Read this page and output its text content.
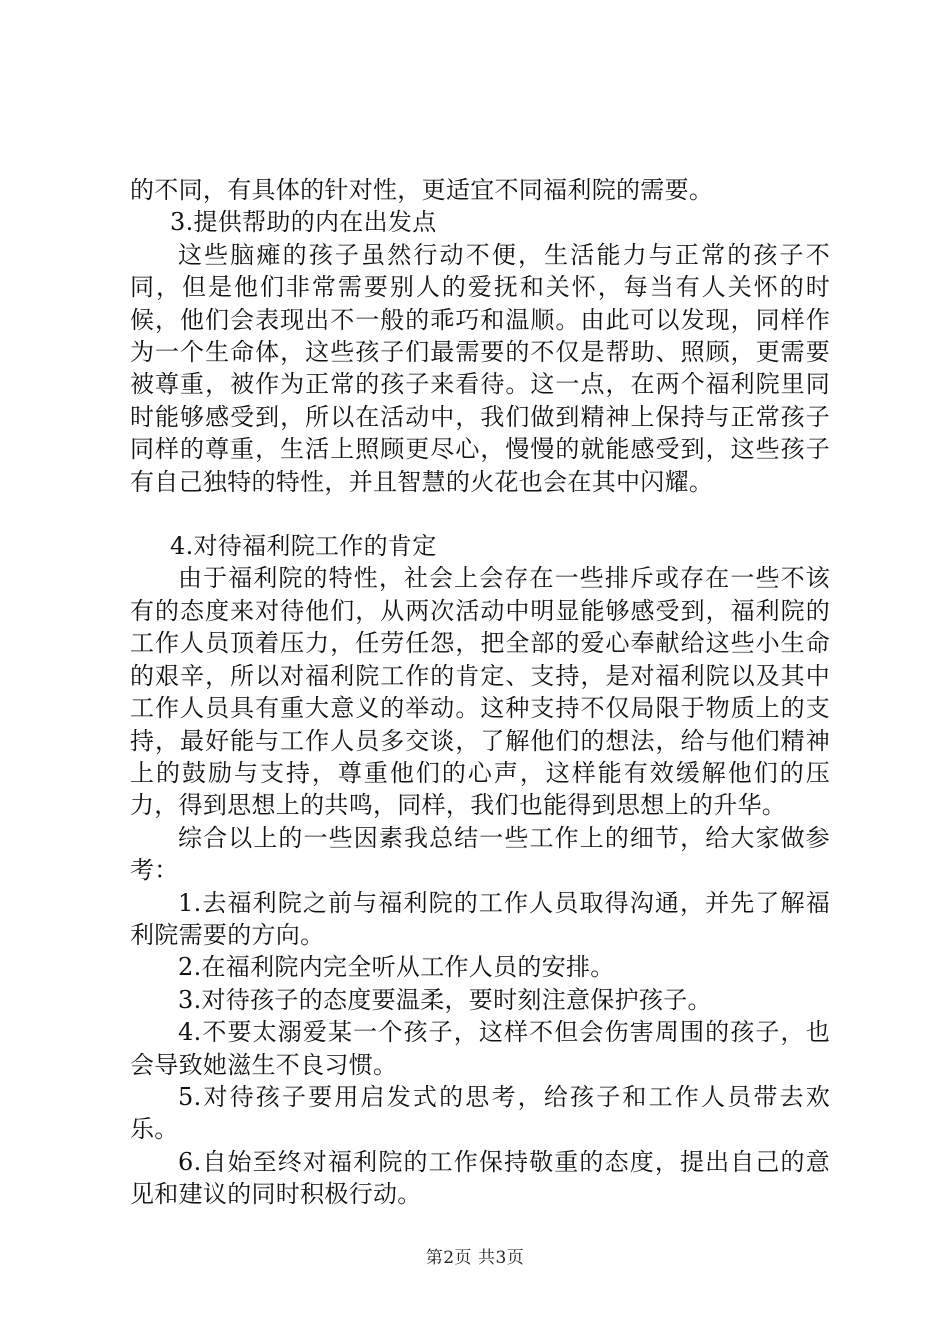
的不同，有具体的针对性，更适宜不同福利院的需要。

3.提供帮助的内在出发点

这些脑瘫的孩子虽然行动不便，生活能力与正常的孩子不同，但是他们非常需要别人的爱抚和关怀，每当有人关怀的时候，他们会表现出不一般的乖巧和温顺。由此可以发现，同样作为一个生命体，这些孩子们最需要的不仅是帮助、照顾，更需要被尊重，被作为正常的孩子来看待。这一点，在两个福利院里同时能够感受到，所以在活动中，我们做到精神上保持与正常孩子同样的尊重，生活上照顾更尽心，慢慢的就能感受到，这些孩子有自己独特的特性，并且智慧的火花也会在其中闪耀。

4.对待福利院工作的肯定

由于福利院的特性，社会上会存在一些排斥或存在一些不该有的态度来对待他们，从两次活动中明显能够感受到，福利院的工作人员顶着压力，任劳任怨，把全部的爱心奉献给这些小生命的艰辛，所以对福利院工作的肯定、支持，是对福利院以及其中工作人员具有重大意义的举动。这种支持不仅局限于物质上的支持，最好能与工作人员多交谈，了解他们的想法，给与他们精神上的鼓励与支持，尊重他们的心声，这样能有效缓解他们的压力，得到思想上的共鸣，同样，我们也能得到思想上的升华。

综合以上的一些因素我总结一些工作上的细节，给大家做参考：

1.去福利院之前与福利院的工作人员取得沟通，并先了解福利院需要的方向。

2.在福利院内完全听从工作人员的安排。

3.对待孩子的态度要温柔，要时刻注意保护孩子。

4.不要太溺爱某一个孩子，这样不但会伤害周围的孩子，也会导致她滋生不良习惯。

5.对待孩子要用启发式的思考，给孩子和工作人员带去欢乐。

6.自始至终对福利院的工作保持敬重的态度，提出自己的意见和建议的同时积极行动。

第2页 共3页
